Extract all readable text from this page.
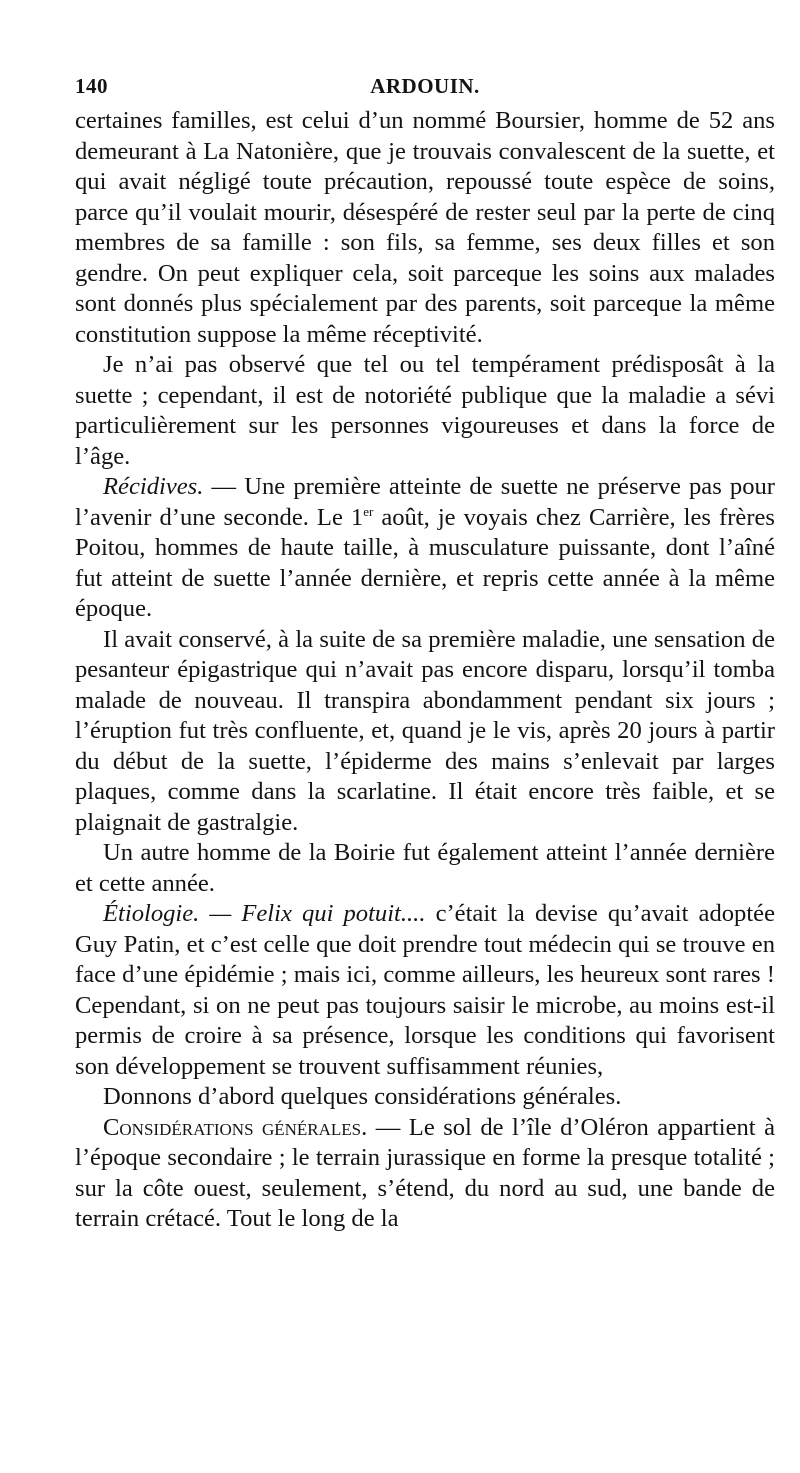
140	ARDOUIN.

certaines familles, est celui d’un nommé Boursier, homme de 52 ans demeurant à La Natonière, que je trouvais convalescent de la suette, et qui avait négligé toute précaution, repoussé toute espèce de soins, parce qu’il voulait mourir, désespéré de rester seul par la perte de cinq membres de sa famille : son fils, sa femme, ses deux filles et son gendre. On peut expliquer cela, soit parceque les soins aux malades sont donnés plus spécialement par des parents, soit parceque la même constitution suppose la même réceptivité.

Je n’ai pas observé que tel ou tel tempérament prédisposât à la suette ; cependant, il est de notoriété publique que la maladie a sévi particulièrement sur les personnes vigoureuses et dans la force de l’âge.

Récidives. — Une première atteinte de suette ne préserve pas pour l’avenir d’une seconde. Le 1er août, je voyais chez Carrière, les frères Poitou, hommes de haute taille, à musculature puissante, dont l’aîné fut atteint de suette l’année dernière, et repris cette année à la même époque.

Il avait conservé, à la suite de sa première maladie, une sensation de pesanteur épigastrique qui n’avait pas encore disparu, lorsqu’il tomba malade de nouveau. Il transpira abondamment pendant six jours ; l’éruption fut très confluente, et, quand je le vis, après 20 jours à partir du début de la suette, l’épiderme des mains s’enlevait par larges plaques, comme dans la scarlatine. Il était encore très faible, et se plaignait de gastralgie.

Un autre homme de la Boirie fut également atteint l’année dernière et cette année.

Étiologie. — Felix qui potuit.... c’était la devise qu’avait adoptée Guy Patin, et c’est celle que doit prendre tout médecin qui se trouve en face d’une épidémie ; mais ici, comme ailleurs, les heureux sont rares ! Cependant, si on ne peut pas toujours saisir le microbe, au moins est-il permis de croire à sa présence, lorsque les conditions qui favorisent son développement se trouvent suffisamment réunies,

Donnons d’abord quelques considérations générales.

Considérations générales. — Le sol de l’île d’Oléron appartient à l’époque secondaire ; le terrain jurassique en forme la presque totalité ; sur la côte ouest, seulement, s’étend, du nord au sud, une bande de terrain crétacé. Tout le long de la
